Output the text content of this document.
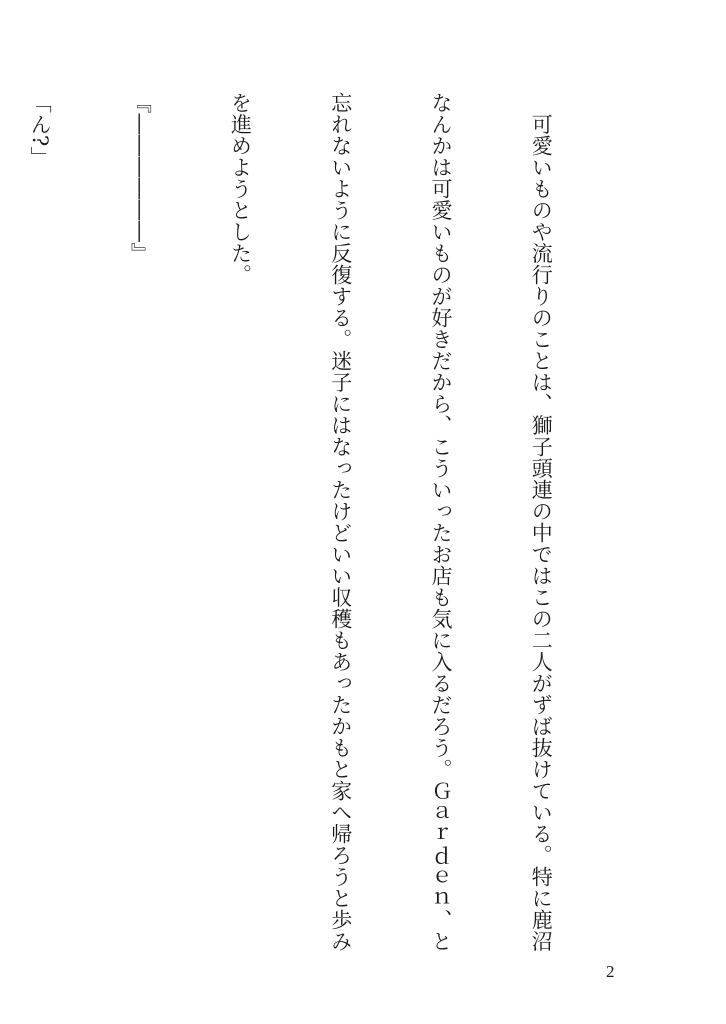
　可愛いものや流行りのことは、獅子頭連の中ではこの二人がずば抜けている。特に鹿沼

なんかは可愛いものが好きだから、こういったお店も気に入るだろう。Ｇａｒｄｅｎ、と

忘れないように反復する。迷子にはなったけどいい収穫もあったかもと家へ帰ろうと歩み

を進めようとした。

『――――――』

「ん?」

2
